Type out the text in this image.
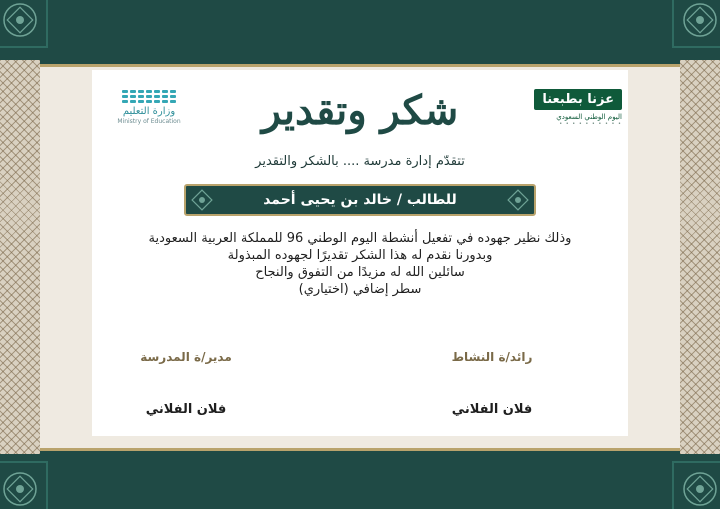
وزارة التعليم
Ministry of Education	شكر وتقدير	عزنا بطبعنا
اليوم الوطني السعودي
• • • • • • • • • •
تتقدّم إدارة مدرسة .... بالشكر والتقدير
للطالب / خالد بن يحيى أحمد
وذلك نظير جهوده في تفعيل أنشطة اليوم الوطني 96 للمملكة العربية السعودية
وبدورنا نقدم له هذا الشكر تقديرًا لجهوده المبذولة
سائلين الله له مزيدًا من التفوق والنجاح
سطر إضافي (اختياري)
رائد/ة النشاط
فلان الفلاني
مدير/ة المدرسة
فلان الفلاني
